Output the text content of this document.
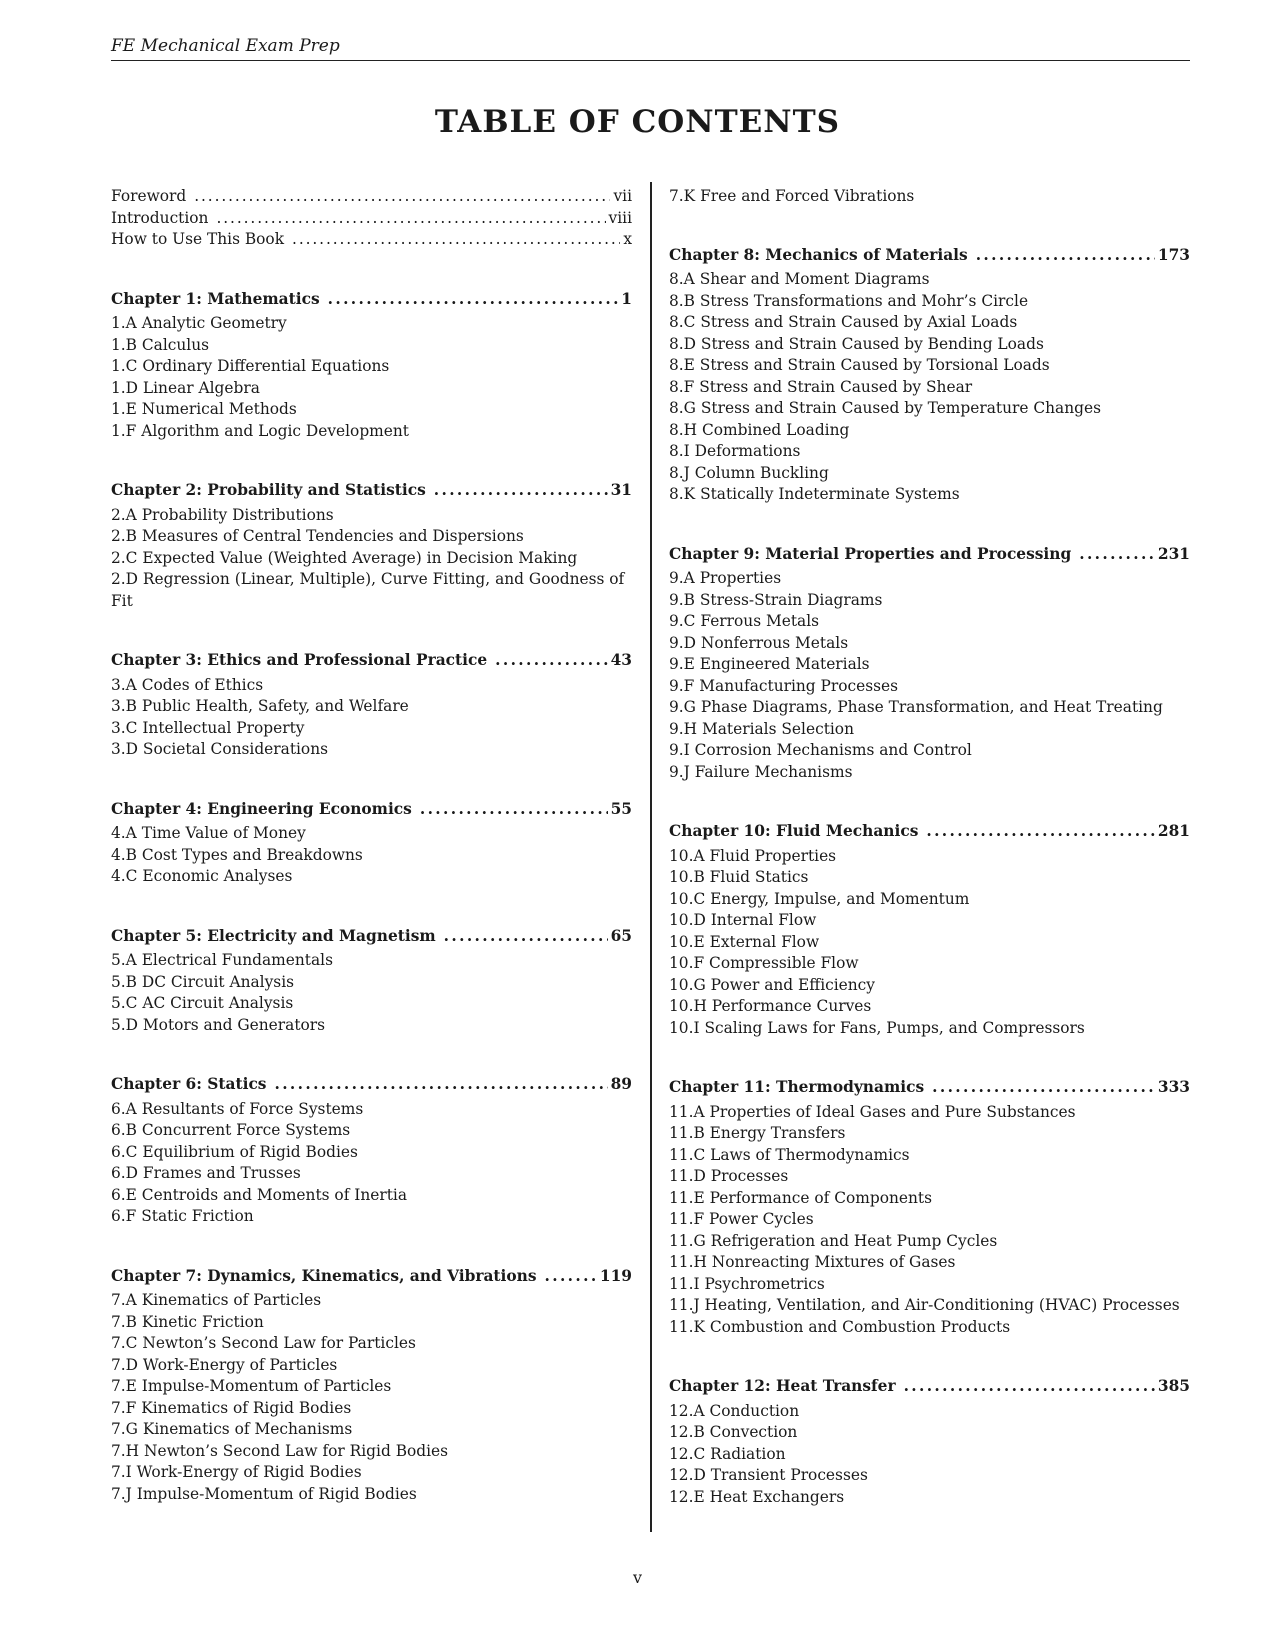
FE Mechanical Exam Prep
TABLE OF CONTENTS
Foreword . . .	vii
Introduction . . .	viii
How to Use This Book . . .	x
Chapter 1: Mathematics . . .	1
1.A Analytic Geometry
1.B Calculus
1.C Ordinary Differential Equations
1.D Linear Algebra
1.E Numerical Methods
1.F Algorithm and Logic Development
Chapter 2: Probability and Statistics . . .	31
2.A Probability Distributions
2.B Measures of Central Tendencies and Dispersions
2.C Expected Value (Weighted Average) in Decision Making
2.D Regression (Linear, Multiple), Curve Fitting, and Goodness of Fit
Chapter 3: Ethics and Professional Practice . . .	43
3.A Codes of Ethics
3.B Public Health, Safety, and Welfare
3.C Intellectual Property
3.D Societal Considerations
Chapter 4: Engineering Economics . . .	55
4.A Time Value of Money
4.B Cost Types and Breakdowns
4.C Economic Analyses
Chapter 5: Electricity and Magnetism . . .	65
5.A Electrical Fundamentals
5.B DC Circuit Analysis
5.C AC Circuit Analysis
5.D Motors and Generators
Chapter 6: Statics . . .	89
6.A Resultants of Force Systems
6.B Concurrent Force Systems
6.C Equilibrium of Rigid Bodies
6.D Frames and Trusses
6.E Centroids and Moments of Inertia
6.F Static Friction
Chapter 7: Dynamics, Kinematics, and Vibrations . . .	119
7.A Kinematics of Particles
7.B Kinetic Friction
7.C Newton’s Second Law for Particles
7.D Work-Energy of Particles
7.E Impulse-Momentum of Particles
7.F Kinematics of Rigid Bodies
7.G Kinematics of Mechanisms
7.H Newton’s Second Law for Rigid Bodies
7.I Work-Energy of Rigid Bodies
7.J Impulse-Momentum of Rigid Bodies
7.K Free and Forced Vibrations
Chapter 8: Mechanics of Materials . . .	173
8.A Shear and Moment Diagrams
8.B Stress Transformations and Mohr’s Circle
8.C Stress and Strain Caused by Axial Loads
8.D Stress and Strain Caused by Bending Loads
8.E Stress and Strain Caused by Torsional Loads
8.F Stress and Strain Caused by Shear
8.G Stress and Strain Caused by Temperature Changes
8.H Combined Loading
8.I Deformations
8.J Column Buckling
8.K Statically Indeterminate Systems
Chapter 9: Material Properties and Processing . . .	231
9.A Properties
9.B Stress-Strain Diagrams
9.C Ferrous Metals
9.D Nonferrous Metals
9.E Engineered Materials
9.F Manufacturing Processes
9.G Phase Diagrams, Phase Transformation, and Heat Treating
9.H Materials Selection
9.I Corrosion Mechanisms and Control
9.J Failure Mechanisms
Chapter 10: Fluid Mechanics . . .	281
10.A Fluid Properties
10.B Fluid Statics
10.C Energy, Impulse, and Momentum
10.D Internal Flow
10.E External Flow
10.F Compressible Flow
10.G Power and Efficiency
10.H Performance Curves
10.I Scaling Laws for Fans, Pumps, and Compressors
Chapter 11: Thermodynamics . . .	333
11.A Properties of Ideal Gases and Pure Substances
11.B Energy Transfers
11.C Laws of Thermodynamics
11.D Processes
11.E Performance of Components
11.F Power Cycles
11.G Refrigeration and Heat Pump Cycles
11.H Nonreacting Mixtures of Gases
11.I Psychrometrics
11.J Heating, Ventilation, and Air-Conditioning (HVAC) Processes
11.K Combustion and Combustion Products
Chapter 12: Heat Transfer . . .	385
12.A Conduction
12.B Convection
12.C Radiation
12.D Transient Processes
12.E Heat Exchangers
v
